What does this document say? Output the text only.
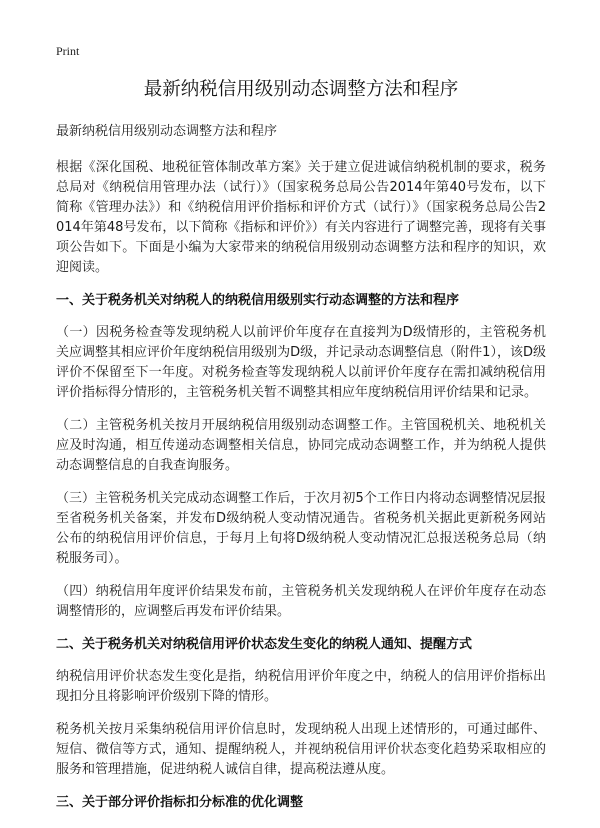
Print
最新纳税信用级别动态调整方法和程序

最新纳税信用级别动态调整方法和程序

根据《深化国税、地税征管体制改革方案》关于建立促进诚信纳税机制的要求，税务总局对《纳税信用管理办法（试行）》（国家税务总局公告2014年第40号发布，以下简称《管理办法》）和《纳税信用评价指标和评价方式（试行）》（国家税务总局公告2014年第48号发布，以下简称《指标和评价》）有关内容进行了调整完善，现将有关事项公告如下。下面是小编为大家带来的纳税信用级别动态调整方法和程序的知识，欢迎阅读。

一、关于税务机关对纳税人的纳税信用级别实行动态调整的方法和程序

（一）因税务检查等发现纳税人以前评价年度存在直接判为D级情形的，主管税务机关应调整其相应评价年度纳税信用级别为D级，并记录动态调整信息（附件1），该D级评价不保留至下一年度。对税务检查等发现纳税人以前评价年度存在需扣减纳税信用评价指标得分情形的，主管税务机关暂不调整其相应年度纳税信用评价结果和记录。

（二）主管税务机关按月开展纳税信用级别动态调整工作。主管国税机关、地税机关应及时沟通，相互传递动态调整相关信息，协同完成动态调整工作，并为纳税人提供动态调整信息的自我查询服务。

（三）主管税务机关完成动态调整工作后，于次月初5个工作日内将动态调整情况层报至省税务机关备案，并发布D级纳税人变动情况通告。省税务机关据此更新税务网站公布的纳税信用评价信息，于每月上旬将D级纳税人变动情况汇总报送税务总局（纳税服务司）。

（四）纳税信用年度评价结果发布前，主管税务机关发现纳税人在评价年度存在动态调整情形的，应调整后再发布评价结果。

二、关于税务机关对纳税信用评价状态发生变化的纳税人通知、提醒方式

纳税信用评价状态发生变化是指，纳税信用评价年度之中，纳税人的信用评价指标出现扣分且将影响评价级别下降的情形。

税务机关按月采集纳税信用评价信息时，发现纳税人出现上述情形的，可通过邮件、短信、微信等方式，通知、提醒纳税人，并视纳税信用评价状态变化趋势采取相应的服务和管理措施，促进纳税人诚信自律，提高税法遵从度。

三、关于部分评价指标扣分标准的优化调整
